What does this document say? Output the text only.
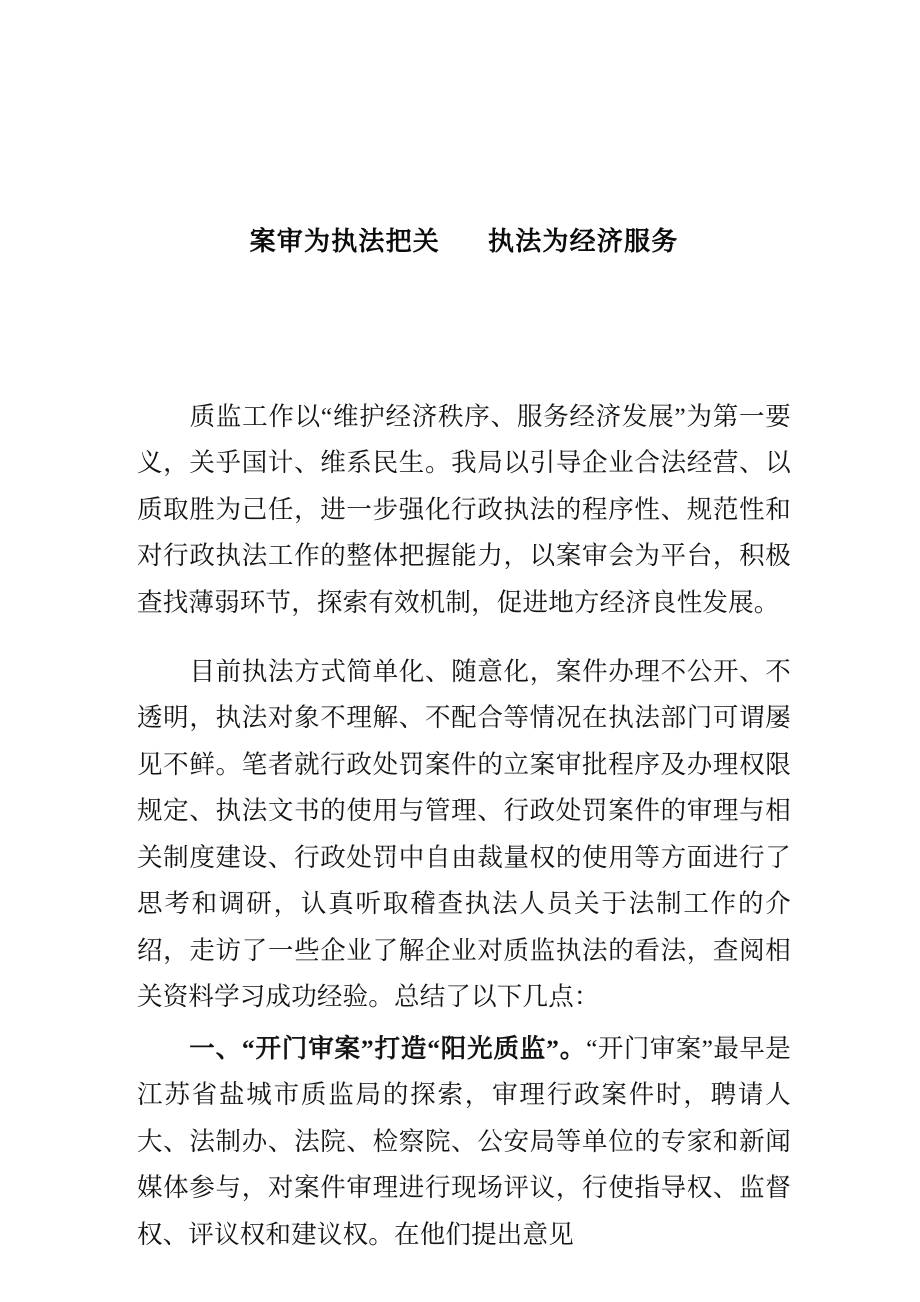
案审为执法把关 执法为经济服务

质监工作以“维护经济秩序、服务经济发展”为第一要义，关乎国计、维系民生。我局以引导企业合法经营、以质取胜为己任，进一步强化行政执法的程序性、规范性和对行政执法工作的整体把握能力，以案审会为平台，积极查找薄弱环节，探索有效机制，促进地方经济良性发展。

目前执法方式简单化、随意化，案件办理不公开、不透明，执法对象不理解、不配合等情况在执法部门可谓屡见不鲜。笔者就行政处罚案件的立案审批程序及办理权限规定、执法文书的使用与管理、行政处罚案件的审理与相关制度建设、行政处罚中自由裁量权的使用等方面进行了思考和调研，认真听取稽查执法人员关于法制工作的介绍，走访了一些企业了解企业对质监执法的看法，查阅相关资料学习成功经验。总结了以下几点：

一、“开门审案”打造“阳光质监”。“开门审案”最早是江苏省盐城市质监局的探索，审理行政案件时，聘请人大、法制办、法院、检察院、公安局等单位的专家和新闻媒体参与，对案件审理进行现场评议，行使指导权、监督权、评议权和建议权。在他们提出意见
